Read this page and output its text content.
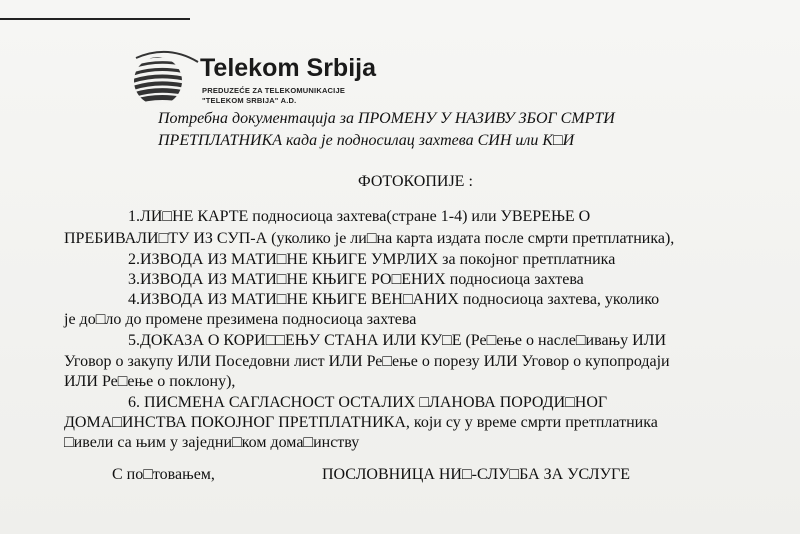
Telekom Srbija
PREDUZEĆE ZA TELEKOMUNIKACIJE
"TELEKOM SRBIJA" A.D.
Потребна документација за ПРОМЕНУ У НАЗИВУ ЗБОГ СМРТИ
ПРЕТПЛАТНИКА када је подносилац захтева СИН или К□И
ФОТОКОПИЈЕ :
1.ЛИ□НЕ КАРТЕ подносиоца захтева(стране 1-4) или УВЕРЕЊЕ О
ПРЕБИВАЛИ□ТУ ИЗ СУП-А (уколико је ли□на карта издата после смрти претплатника),
2.ИЗВОДА ИЗ МАТИ□НЕ КЊИГЕ УМРЛИХ за покојног претплатника
3.ИЗВОДА ИЗ МАТИ□НЕ КЊИГЕ РО□ЕНИХ подносиоца захтева
4.ИЗВОДА ИЗ МАТИ□НЕ КЊИГЕ ВЕН□АНИХ подносиоца захтева, уколико
је до□ло до промене презимена подносиоца захтева
5.ДОКАЗА О КОРИ□□ЕЊУ СТАНА ИЛИ КУ□Е (Ре□ење о насле□ивању ИЛИ
Уговор о закупу ИЛИ Поседовни лист ИЛИ Ре□ење о порезу ИЛИ Уговор о купопродаји
ИЛИ Ре□ење о поклону),
6. ПИСМЕНА САГЛАСНОСТ ОСТАЛИХ □ЛАНОВА ПОРОДИ□НОГ
ДОМА□ИНСТВА ПОКОЈНОГ ПРЕТПЛАТНИКА, који су у време смрти претплатника
□ивели са њим у заједни□ком дома□инству
С по□товањем,	ПОСЛОВНИЦА НИ□-СЛУ□БА ЗА УСЛУГЕ
